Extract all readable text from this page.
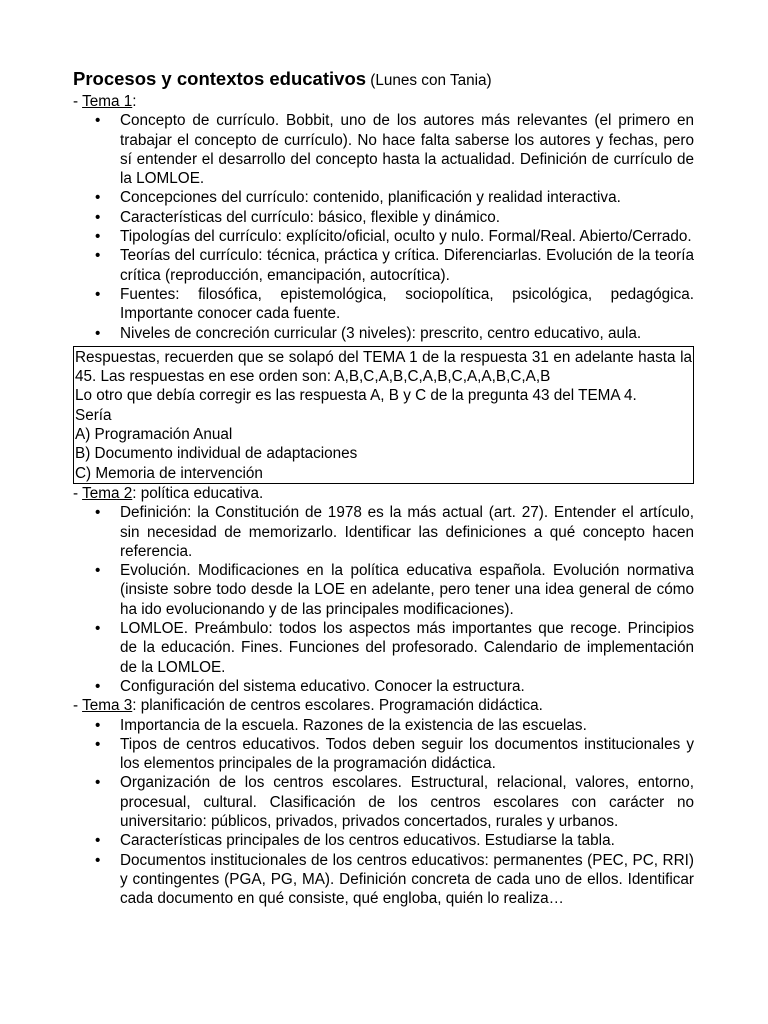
Procesos y contextos educativos (Lunes con Tania)
- Tema 1:
• Concepto de currículo. Bobbit, uno de los autores más relevantes (el primero en trabajar el concepto de currículo). No hace falta saberse los autores y fechas, pero sí entender el desarrollo del concepto hasta la actualidad. Definición de currículo de la LOMLOE.
• Concepciones del currículo: contenido, planificación y realidad interactiva.
• Características del currículo: básico, flexible y dinámico.
• Tipologías del currículo: explícito/oficial, oculto y nulo. Formal/Real. Abierto/Cerrado.
• Teorías del currículo: técnica, práctica y crítica. Diferenciarlas. Evolución de la teoría crítica (reproducción, emancipación, autocrítica).
• Fuentes: filosófica, epistemológica, sociopolítica, psicológica, pedagógica. Importante conocer cada fuente.
• Niveles de concreción curricular (3 niveles): prescrito, centro educativo, aula.

Respuestas, recuerden que se solapó del TEMA 1 de la respuesta 31 en adelante hasta la 45. Las respuestas en ese orden son: A,B,C,A,B,C,A,B,C,A,A,B,C,A,B

Lo otro que debía corregir es las respuesta A, B y C de la pregunta 43 del TEMA 4.

Sería

A) Programación Anual

B) Documento individual de adaptaciones

C) Memoria de intervención

- Tema 2: política educativa.
• Definición: la Constitución de 1978 es la más actual (art. 27). Entender el artículo, sin necesidad de memorizarlo. Identificar las definiciones a qué concepto hacen referencia.
• Evolución. Modificaciones en la política educativa española. Evolución normativa (insiste sobre todo desde la LOE en adelante, pero tener una idea general de cómo ha ido evolucionando y de las principales modificaciones).
• LOMLOE. Preámbulo: todos los aspectos más importantes que recoge. Principios de la educación. Fines. Funciones del profesorado. Calendario de implementación de la LOMLOE.
• Configuración del sistema educativo. Conocer la estructura.
- Tema 3: planificación de centros escolares. Programación didáctica.
• Importancia de la escuela. Razones de la existencia de las escuelas.
• Tipos de centros educativos. Todos deben seguir los documentos institucionales y los elementos principales de la programación didáctica.
• Organización de los centros escolares. Estructural, relacional, valores, entorno, procesual, cultural. Clasificación de los centros escolares con carácter no universitario: públicos, privados, privados concertados, rurales y urbanos.
• Características principales de los centros educativos. Estudiarse la tabla.
• Documentos institucionales de los centros educativos: permanentes (PEC, PC, RRI) y contingentes (PGA, PG, MA). Definición concreta de cada uno de ellos. Identificar cada documento en qué consiste, qué engloba, quién lo realiza…
